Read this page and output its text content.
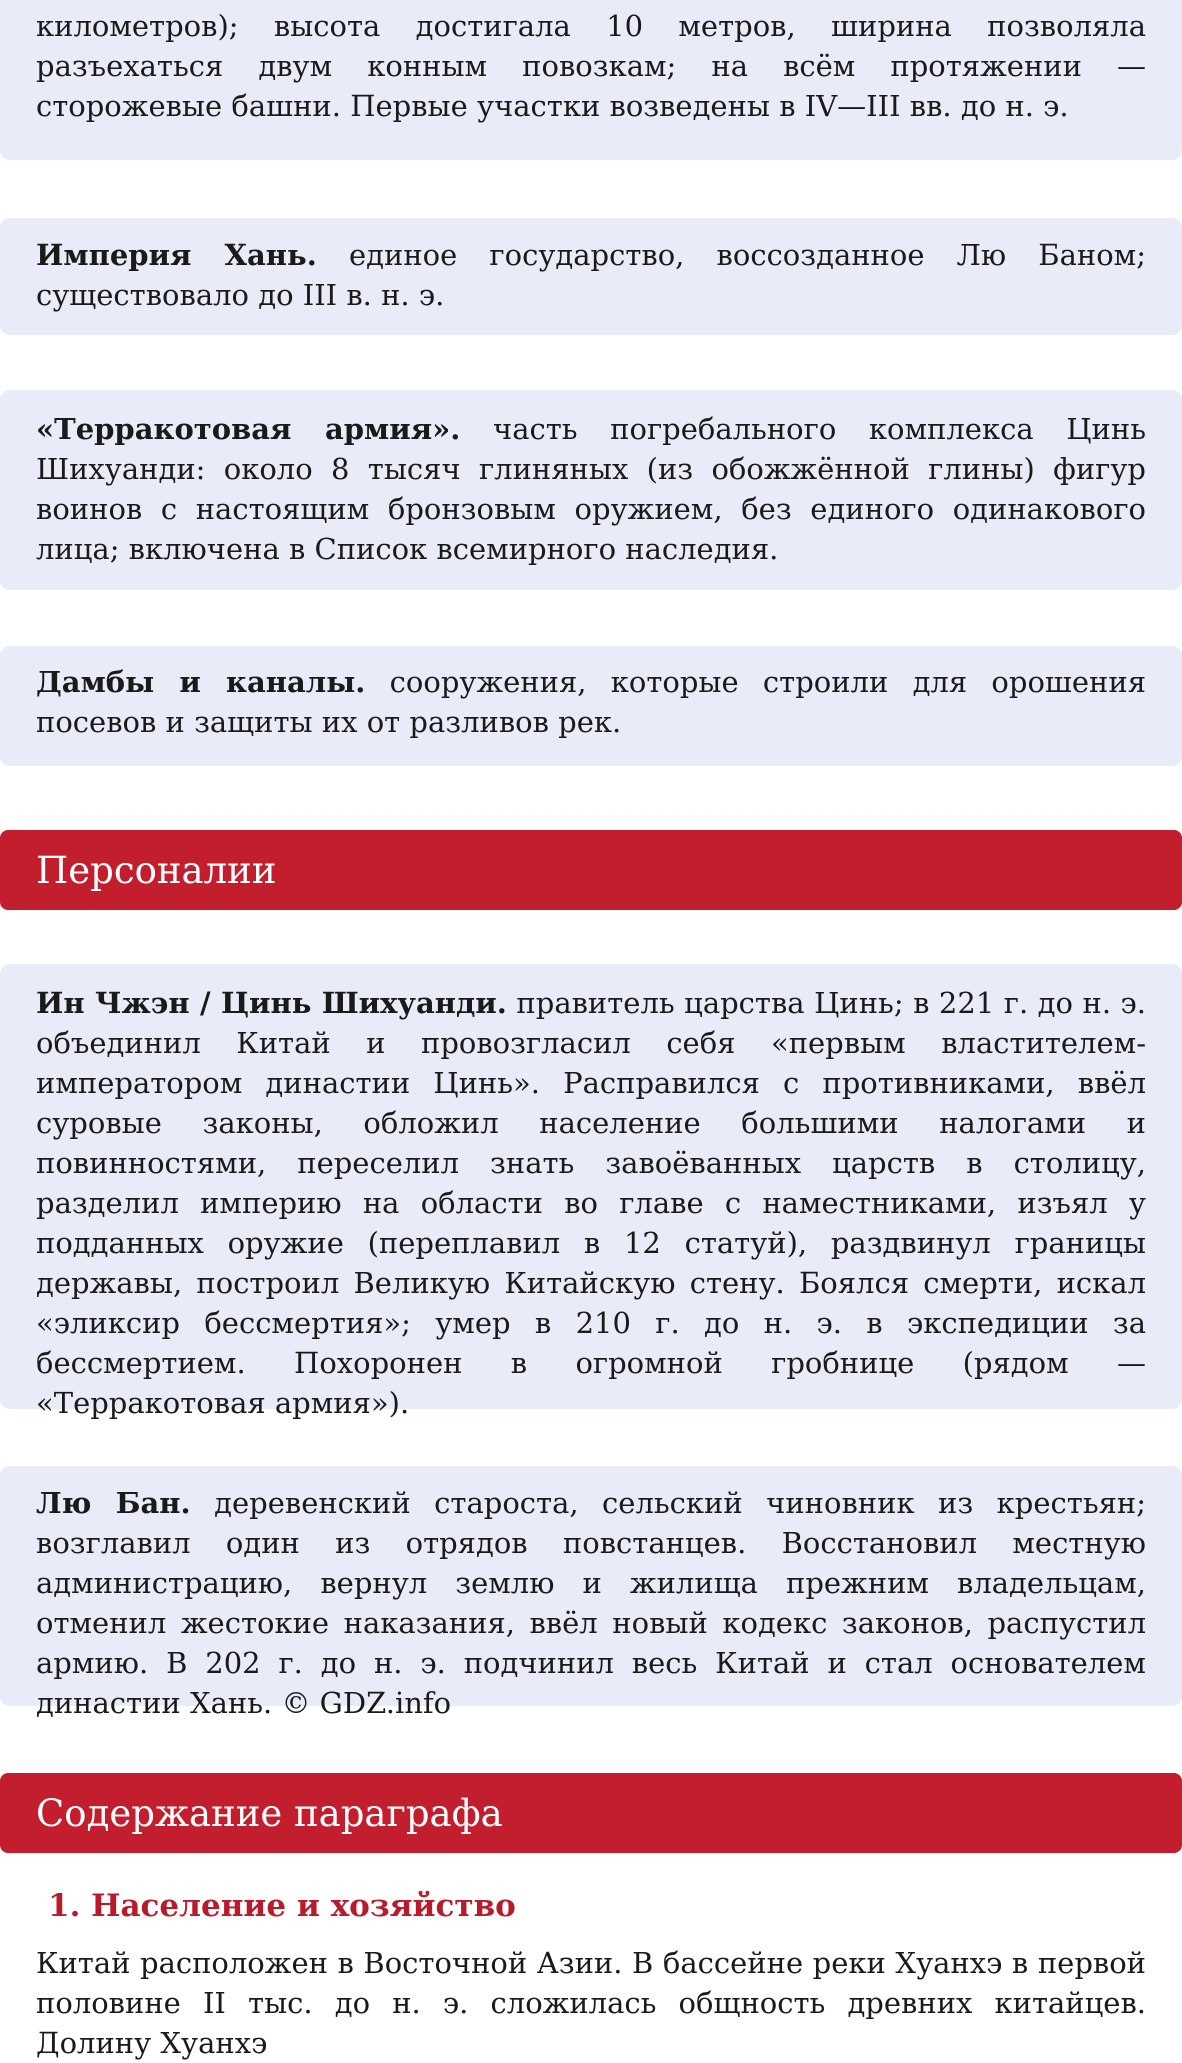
километров); высота достигала 10 метров, ширина позволяла разъехаться двум конным повозкам; на всём протяжении — сторожевые башни. Первые участки возведены в IV—III вв. до н. э.

Империя Хань. единое государство, воссозданное Лю Баном; существовало до III в. н. э.

«Терракотовая армия». часть погребального комплекса Цинь Шихуанди: около 8 тысяч глиняных (из обожжённой глины) фигур воинов с настоящим бронзовым оружием, без единого одинакового лица; включена в Список всемирного наследия.

Дамбы и каналы. сооружения, которые строили для орошения посевов и защиты их от разливов рек.

Персоналии

Ин Чжэн / Цинь Шихуанди. правитель царства Цинь; в 221 г. до н. э. объединил Китай и провозгласил себя «первым властителем-императором династии Цинь». Расправился с противниками, ввёл суровые законы, обложил население большими налогами и повинностями, переселил знать завоёванных царств в столицу, разделил империю на области во главе с наместниками, изъял у подданных оружие (переплавил в 12 статуй), раздвинул границы державы, построил Великую Китайскую стену. Боялся смерти, искал «эликсир бессмертия»; умер в 210 г. до н. э. в экспедиции за бессмертием. Похоронен в огромной гробнице (рядом — «Терракотовая армия»).

Лю Бан. деревенский староста, сельский чиновник из крестьян; возглавил один из отрядов повстанцев. Восстановил местную администрацию, вернул землю и жилища прежним владельцам, отменил жестокие наказания, ввёл новый кодекс законов, распустил армию. В 202 г. до н. э. подчинил весь Китай и стал основателем династии Хань. © GDZ.info

Содержание параграфа
1. Население и хозяйство

Китай расположен в Восточной Азии. В бассейне реки Хуанхэ в первой половине II тыс. до н. э. сложилась общность древних китайцев. Долину Хуанхэ
